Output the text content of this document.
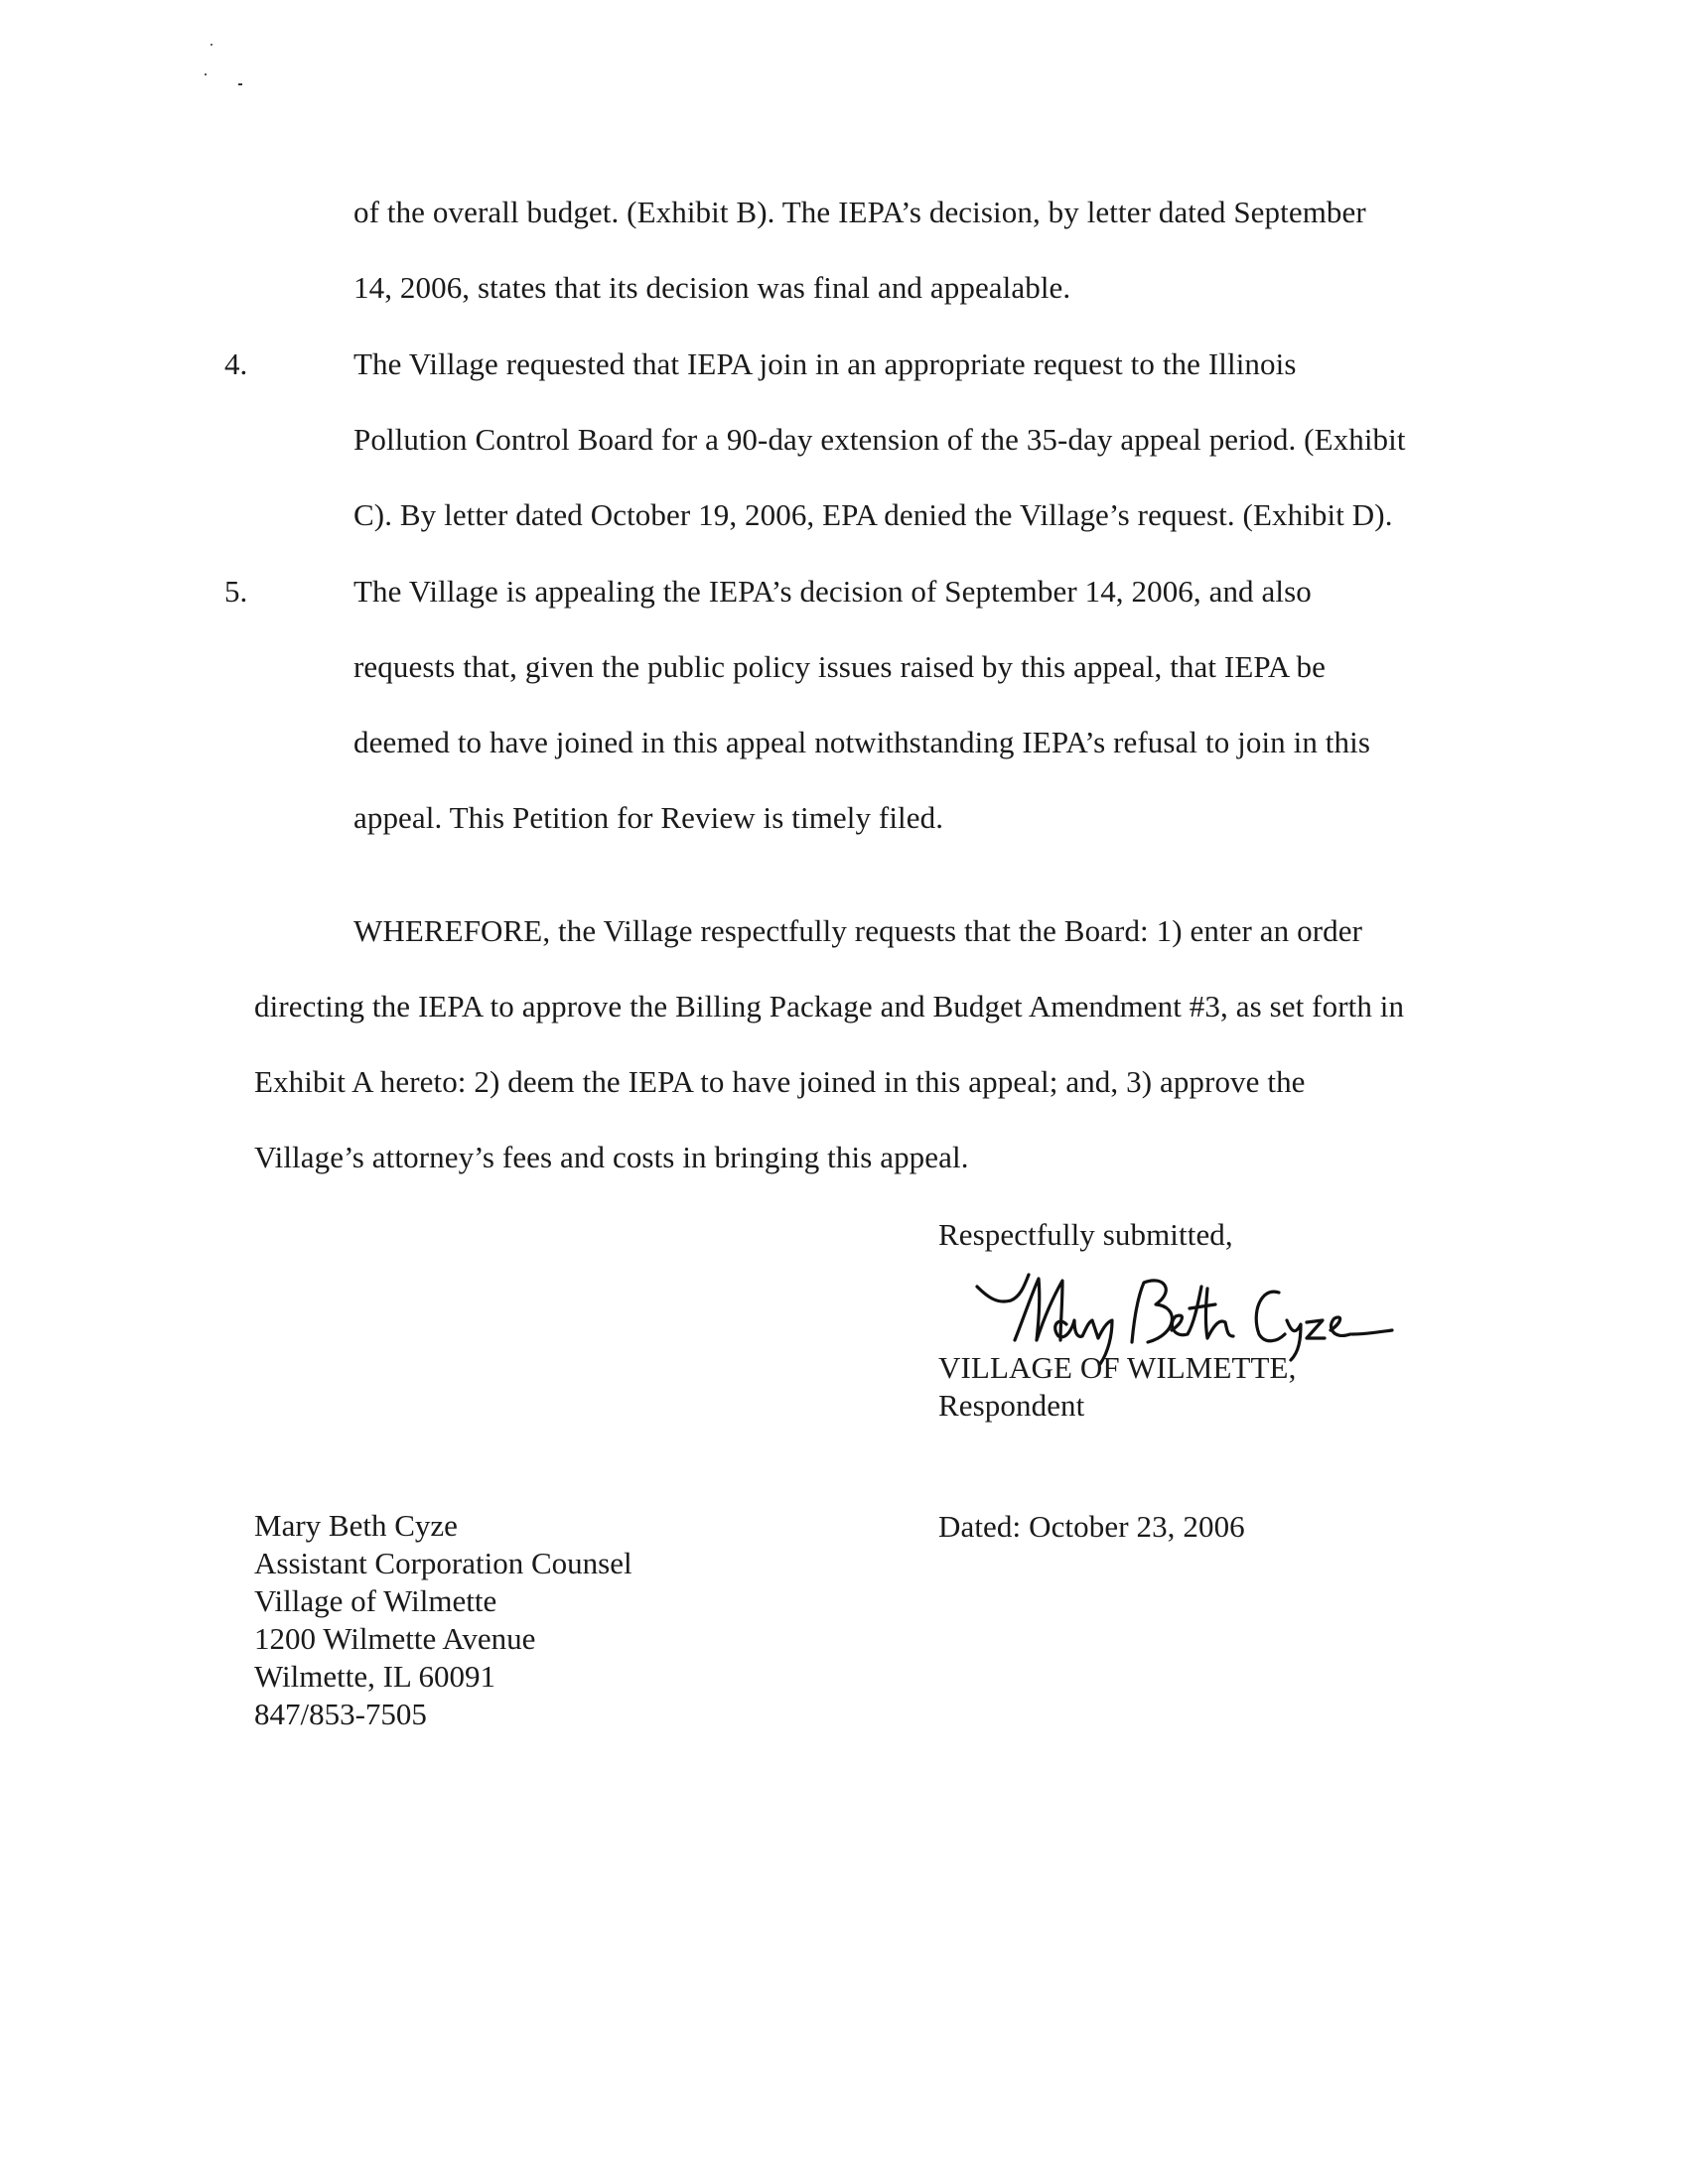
of the overall budget. (Exhibit B). The IEPA’s decision, by letter dated September
14, 2006, states that its decision was final and appealable.
4.	The Village requested that IEPA join in an appropriate request to the Illinois
Pollution Control Board for a 90-day extension of the 35-day appeal period. (Exhibit
C). By letter dated October 19, 2006, EPA denied the Village’s request. (Exhibit D).
5.	The Village is appealing the IEPA’s decision of September 14, 2006, and also
requests that, given the public policy issues raised by this appeal, that IEPA be
deemed to have joined in this appeal notwithstanding IEPA’s refusal to join in this
appeal. This Petition for Review is timely filed.
WHEREFORE, the Village respectfully requests that the Board: 1) enter an order
directing the IEPA to approve the Billing Package and Budget Amendment #3, as set forth in
Exhibit A hereto: 2) deem the IEPA to have joined in this appeal; and, 3) approve the
Village’s attorney’s fees and costs in bringing this appeal.
Respectfully submitted,
VILLAGE OF WILMETTE,
Respondent
Dated: October 23, 2006
Mary Beth Cyze
Assistant Corporation Counsel
Village of Wilmette
1200 Wilmette Avenue
Wilmette, IL 60091
847/853-7505
